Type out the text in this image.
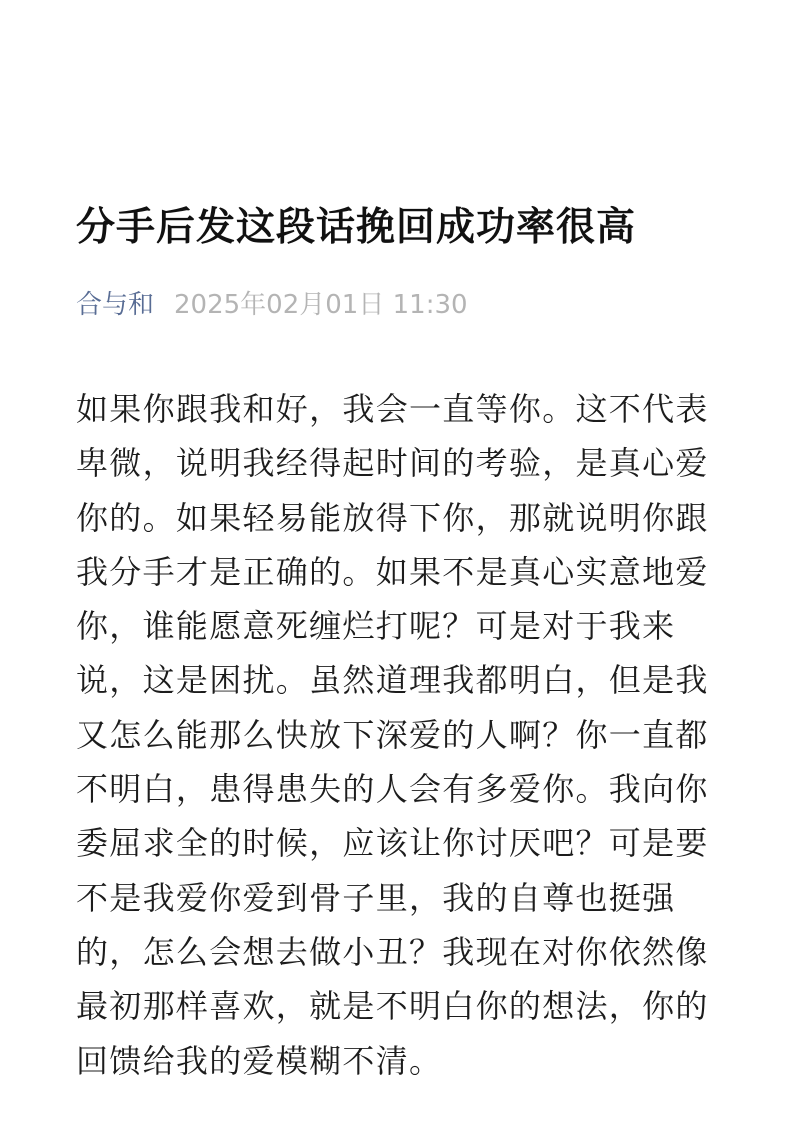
分手后发这段话挽回成功率很高
合与和 2025年02月01日 11:30
如果你跟我和好，我会一直等你。这不代表
卑微，说明我经得起时间的考验，是真心爱
你的。如果轻易能放得下你，那就说明你跟
我分手才是正确的。如果不是真心实意地爱
你，谁能愿意死缠烂打呢？可是对于我来
说，这是困扰。虽然道理我都明白，但是我
又怎么能那么快放下深爱的人啊？你一直都
不明白，患得患失的人会有多爱你。我向你
委屈求全的时候，应该让你讨厌吧？可是要
不是我爱你爱到骨子里，我的自尊也挺强
的，怎么会想去做小丑？我现在对你依然像
最初那样喜欢，就是不明白你的想法，你的
回馈给我的爱模糊不清。
